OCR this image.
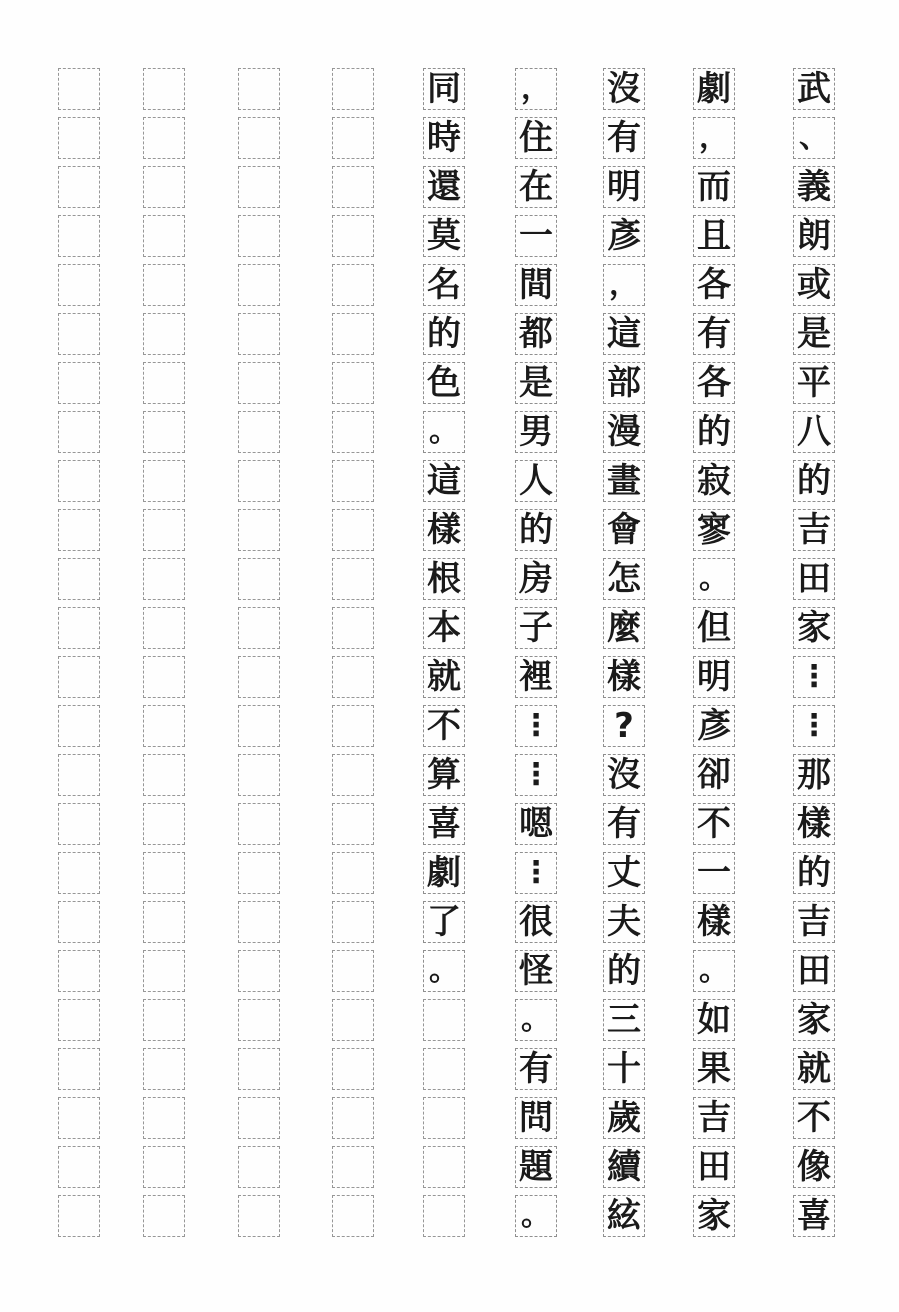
武
、
義
朗
或
是
平
八
的
吉
田
家
⋮
⋮
那
樣
的
吉
田
家
就
不
像
喜
劇
，
而
且
各
有
各
的
寂
寥
。
但
明
彥
卻
不
一
樣
。
如
果
吉
田
家
沒
有
明
彥
，
這
部
漫
畫
會
怎
麼
樣
?
沒
有
丈
夫
的
三
十
歲
續
絃
，
住
在
一
間
都
是
男
人
的
房
子
裡
⋮
⋮
嗯
⋮
很
怪
。
有
問
題
。
同
時
還
莫
名
的
色
。
這
樣
根
本
就
不
算
喜
劇
了
。
